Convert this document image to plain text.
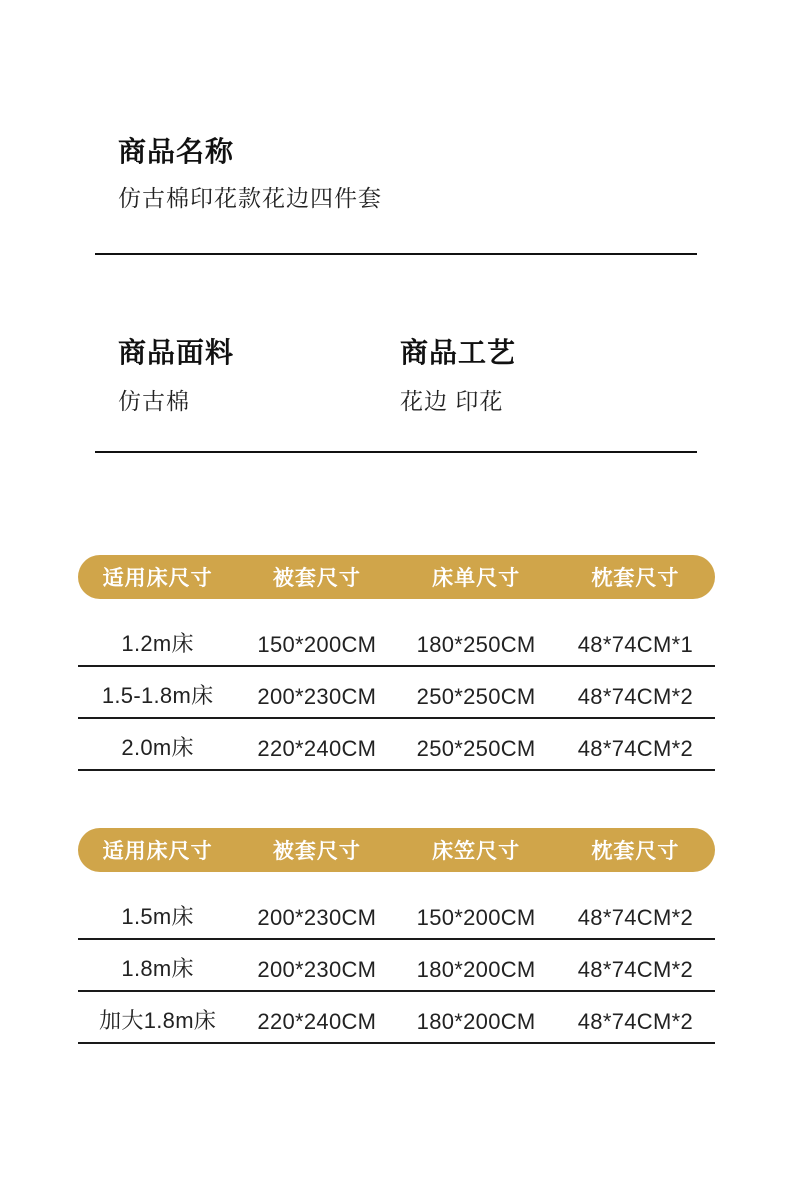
商品名称
仿古棉印花款花边四件套
商品面料
仿古棉
商品工艺
花边 印花
适用床尺寸	被套尺寸	床单尺寸	枕套尺寸
1.2m床	150*200CM	180*250CM	48*74CM*1
1.5-1.8m床	200*230CM	250*250CM	48*74CM*2
2.0m床	220*240CM	250*250CM	48*74CM*2
适用床尺寸	被套尺寸	床笠尺寸	枕套尺寸
1.5m床	200*230CM	150*200CM	48*74CM*2
1.8m床	200*230CM	180*200CM	48*74CM*2
加大1.8m床	220*240CM	180*200CM	48*74CM*2
